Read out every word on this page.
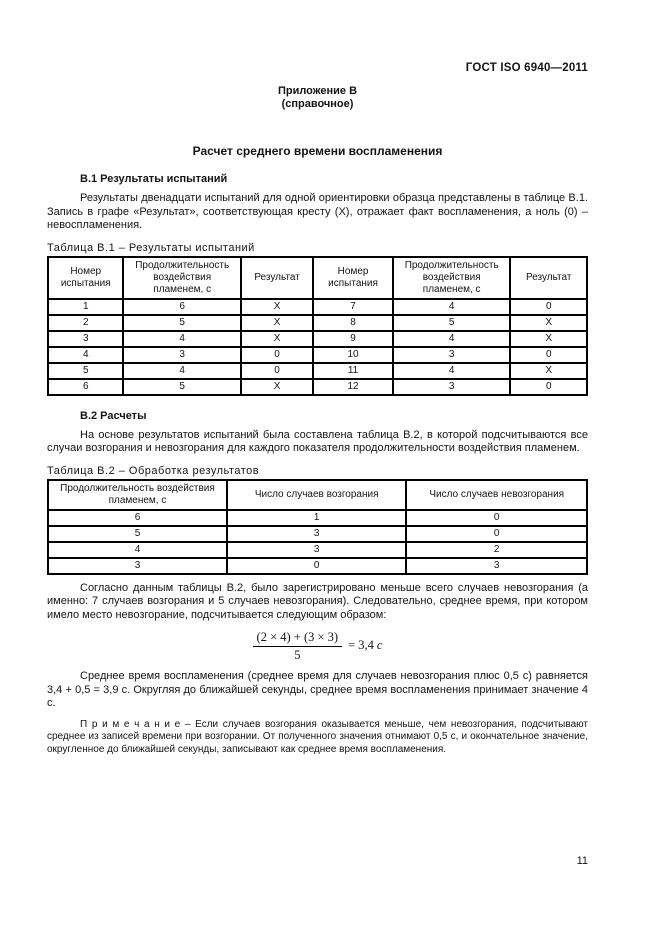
ГОСТ ISO 6940—2011
Приложение В
(справочное)
Расчет среднего времени воспламенения
В.1 Результаты испытаний

Результаты двенадцати испытаний для одной ориентировки образца представлены в таблице В.1. Запись в графе «Результат», соответствующая кресту (Х), отражает факт воспламенения, а ноль (0) – невоспламенения.

Таблица В.1 – Результаты испытаний
Номер испытания	Продолжительность воздействия пламенем, с	Результат	Номер испытания	Продолжительность воздействия пламенем, с	Результат
1	6	Х	7	4	0
2	5	Х	8	5	Х
3	4	Х	9	4	Х
4	3	0	10	3	0
5	4	0	11	4	Х
6	5	Х	12	3	0
В.2 Расчеты

На основе результатов испытаний была составлена таблица В.2, в которой подсчитываются все случаи возгорания и невозгорания для каждого показателя продолжительности воздействия пламенем.

Таблица В.2 – Обработка результатов
Продолжительность воздействия пламенем, с	Число случаев возгорания	Число случаев невозгорания
6	1	0
5	3	0
4	3	2
3	0	3

Согласно данным таблицы В.2, было зарегистрировано меньше всего случаев невозгорания (а именно: 7 случаев возгорания и 5 случаев невозгорания). Следовательно, среднее время, при котором имело место невозгорание, подсчитывается следующим образом:

$\frac{(2 \times 4) + (3 \times 3)}{5} = 3,4$ с

Среднее время воспламенения (среднее время для случаев невозгорания плюс 0,5 с) равняется 3,4 + 0,5 = 3,9 с. Округляя до ближайшей секунды, среднее время воспламенения принимает значение 4 с.

П р и м е ч а н и е – Если случаев возгорания оказывается меньше, чем невозгорания, подсчитывают среднее из записей времени при возгорании. От полученного значения отнимают 0,5 с, и окончательное значение, округленное до ближайшей секунды, записывают как среднее время воспламенения.

11
